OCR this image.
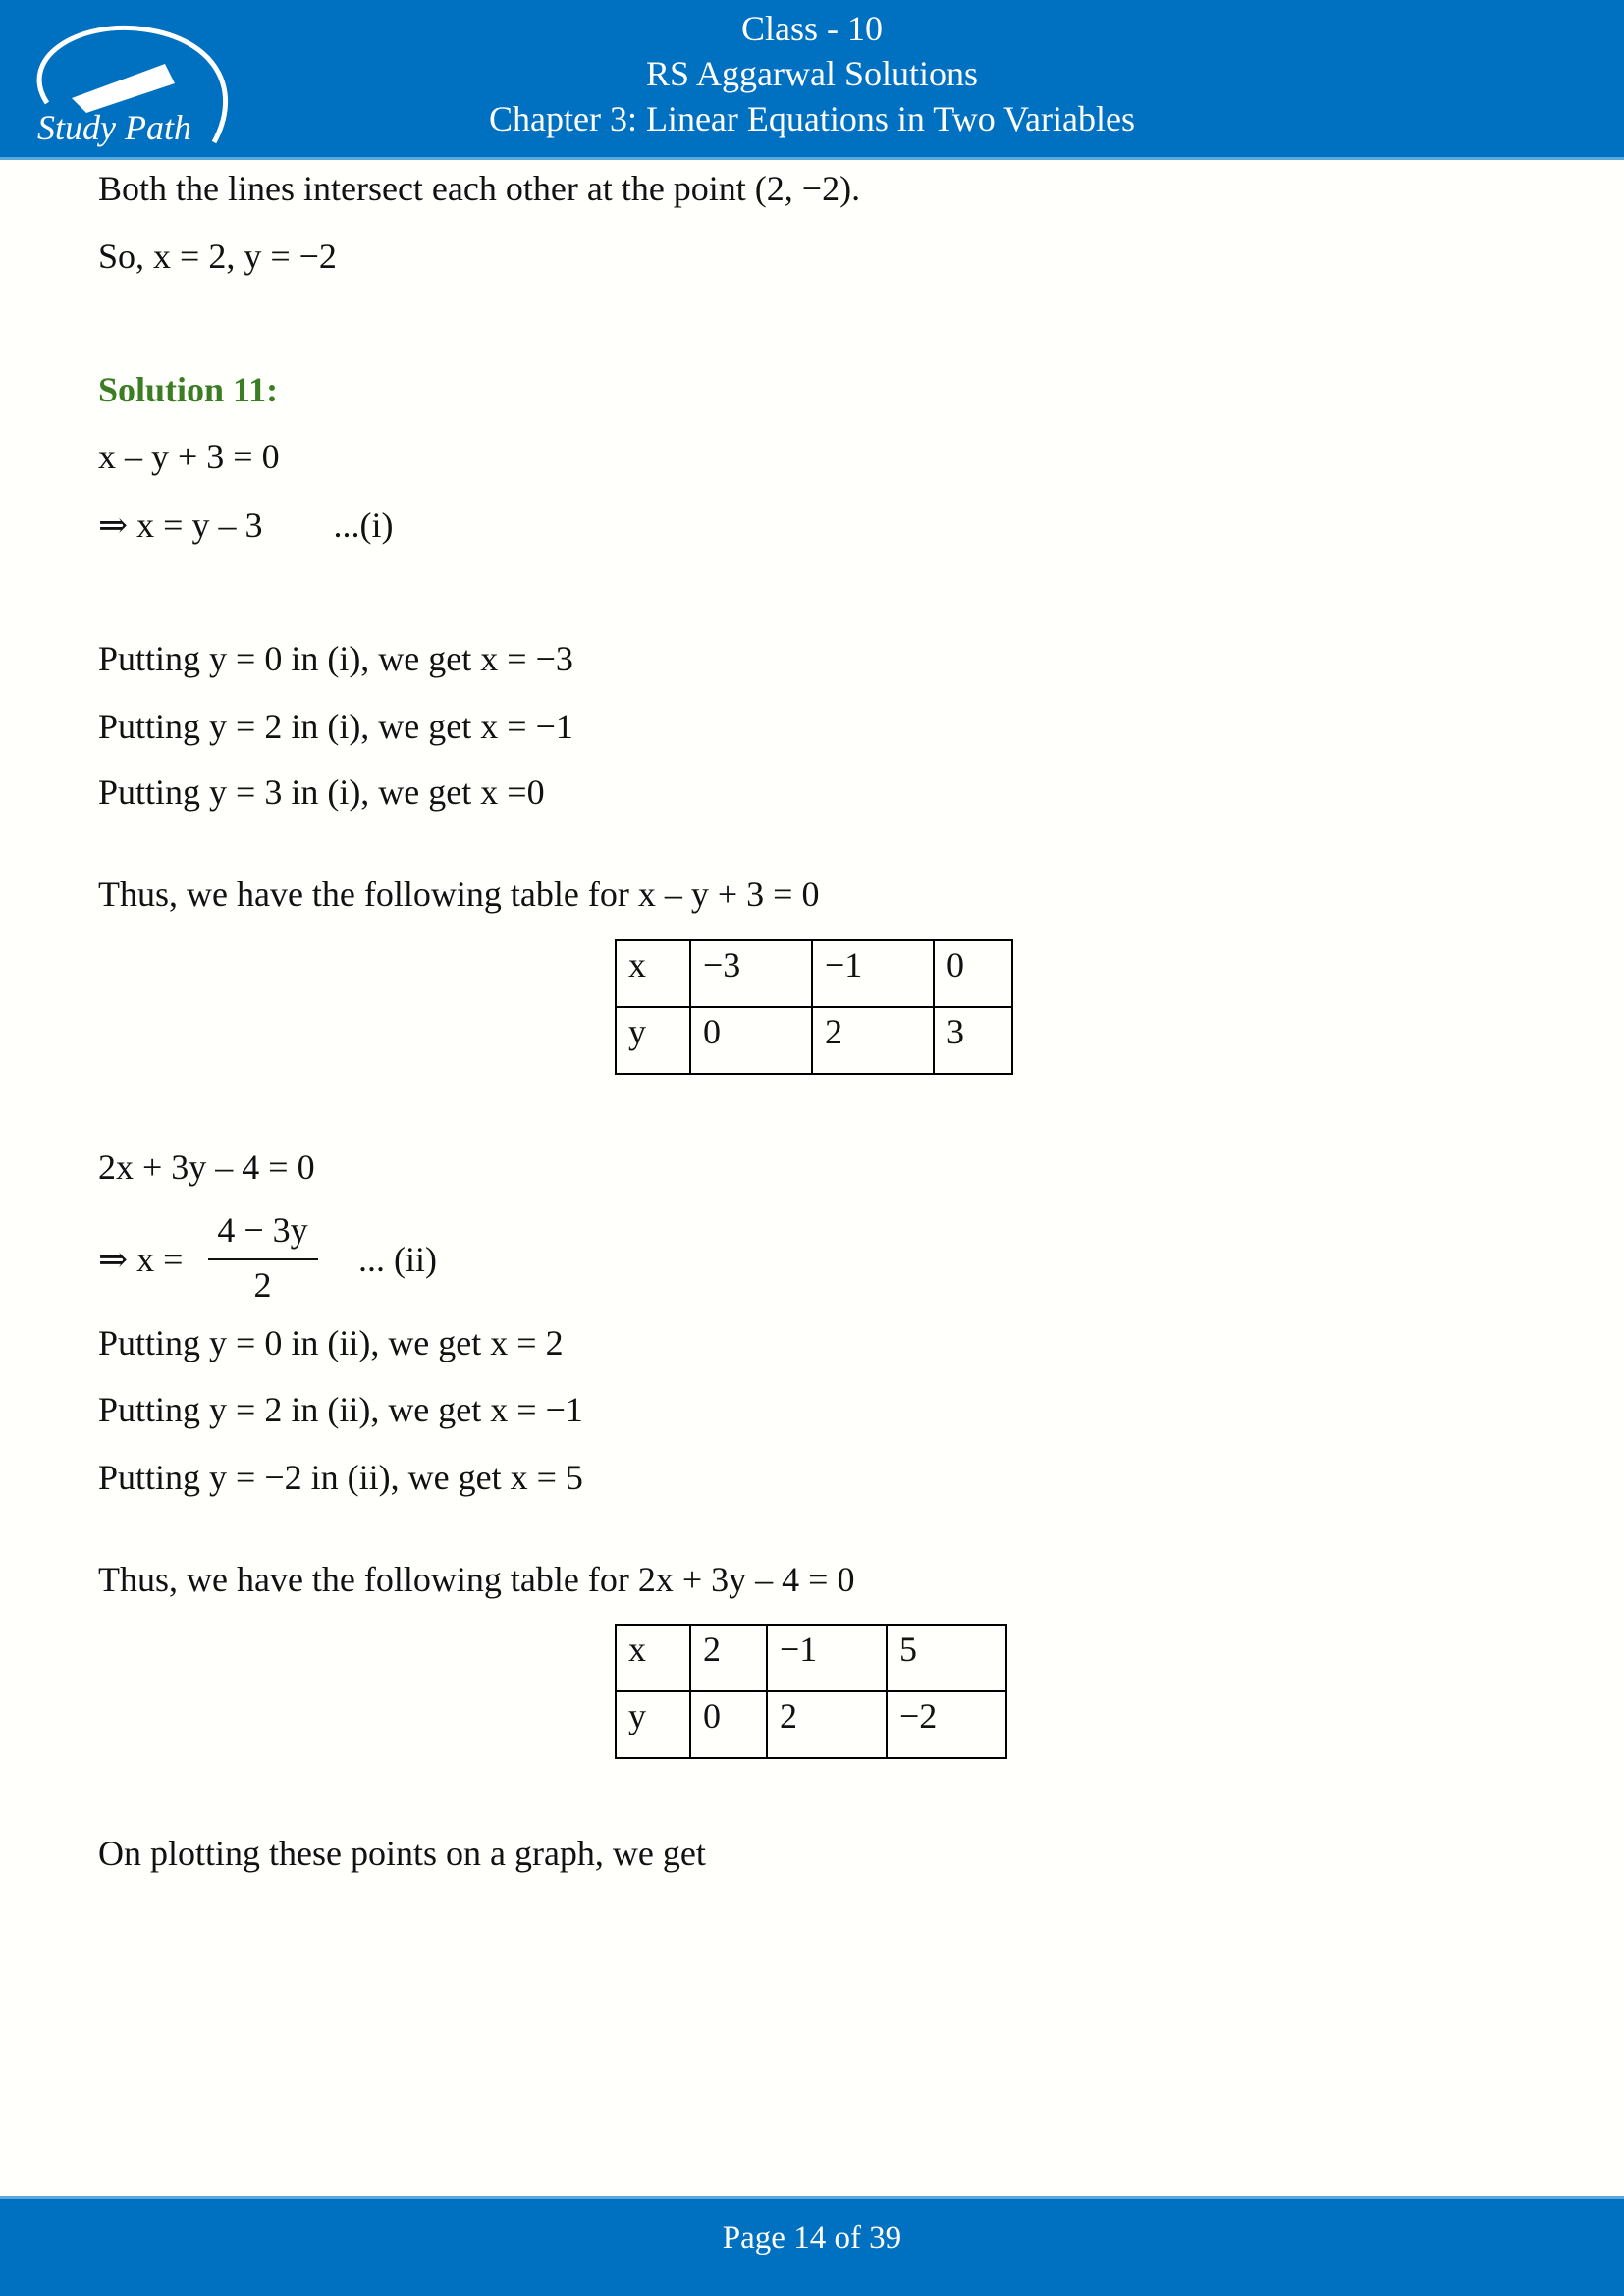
Study Path
Class - 10
RS Aggarwal Solutions
Chapter 3: Linear Equations in Two Variables
Both the lines intersect each other at the point (2, −2).
So, x = 2, y = −2
Solution 11:
x – y + 3 = 0
⇒ x = y – 3        ...(i)
Putting y = 0 in (i), we get x = −3
Putting y = 2 in (i), we get x = −1
Putting y = 3 in (i), we get x =0
Thus, we have the following table for x – y + 3 = 0
x	−3	−1	0
y	0	2	3
2x + 3y – 4 = 0
⇒ x =
4 − 3y
2
... (ii)
Putting y = 0 in (ii), we get x = 2
Putting y = 2 in (ii), we get x = −1
Putting y = −2 in (ii), we get x = 5
Thus, we have the following table for 2x + 3y – 4 = 0
x	2	−1	5
y	0	2	−2
On plotting these points on a graph, we get
Page 14 of 39
